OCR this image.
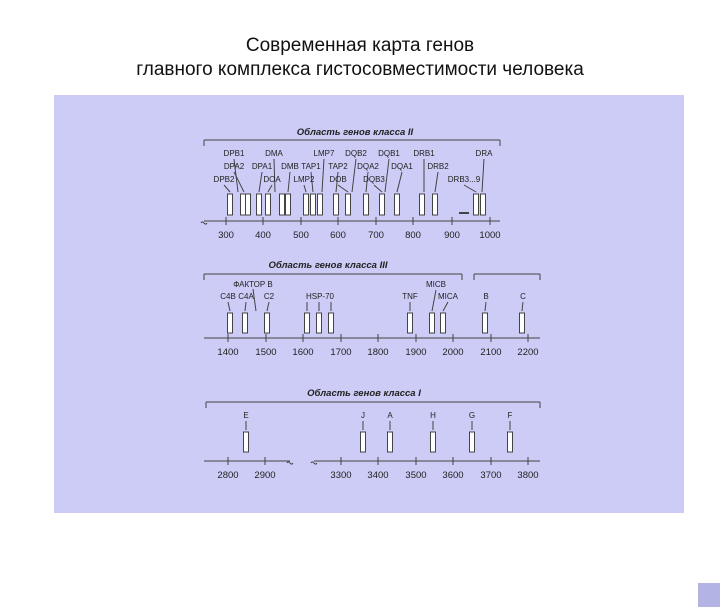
Современная карта генов
главного комплекса гистосовместимости человека
Область генов класса II
300 400 500 600 700 800 900 1000
DPB1	DMA	LMP7 DQB2 DQB1 DRB1	DRA
DPA2 DPA1 DMB TAP1 TAP2 DQA2 DQA1 DRB2
DPB2	DOA LMP2 DOB DQB3	DRB3...9
Область генов класса III
1400 1500 1600 1700 1800 1900 2000 2100 2200
ФАКТОР B
C4B C4A C2	HSP-70
MICB
TNF	MICA	B	C
Область генов класса I
2800 2900	3300 3400 3500 3600 3700 3800
E	J	A	H	G	F
